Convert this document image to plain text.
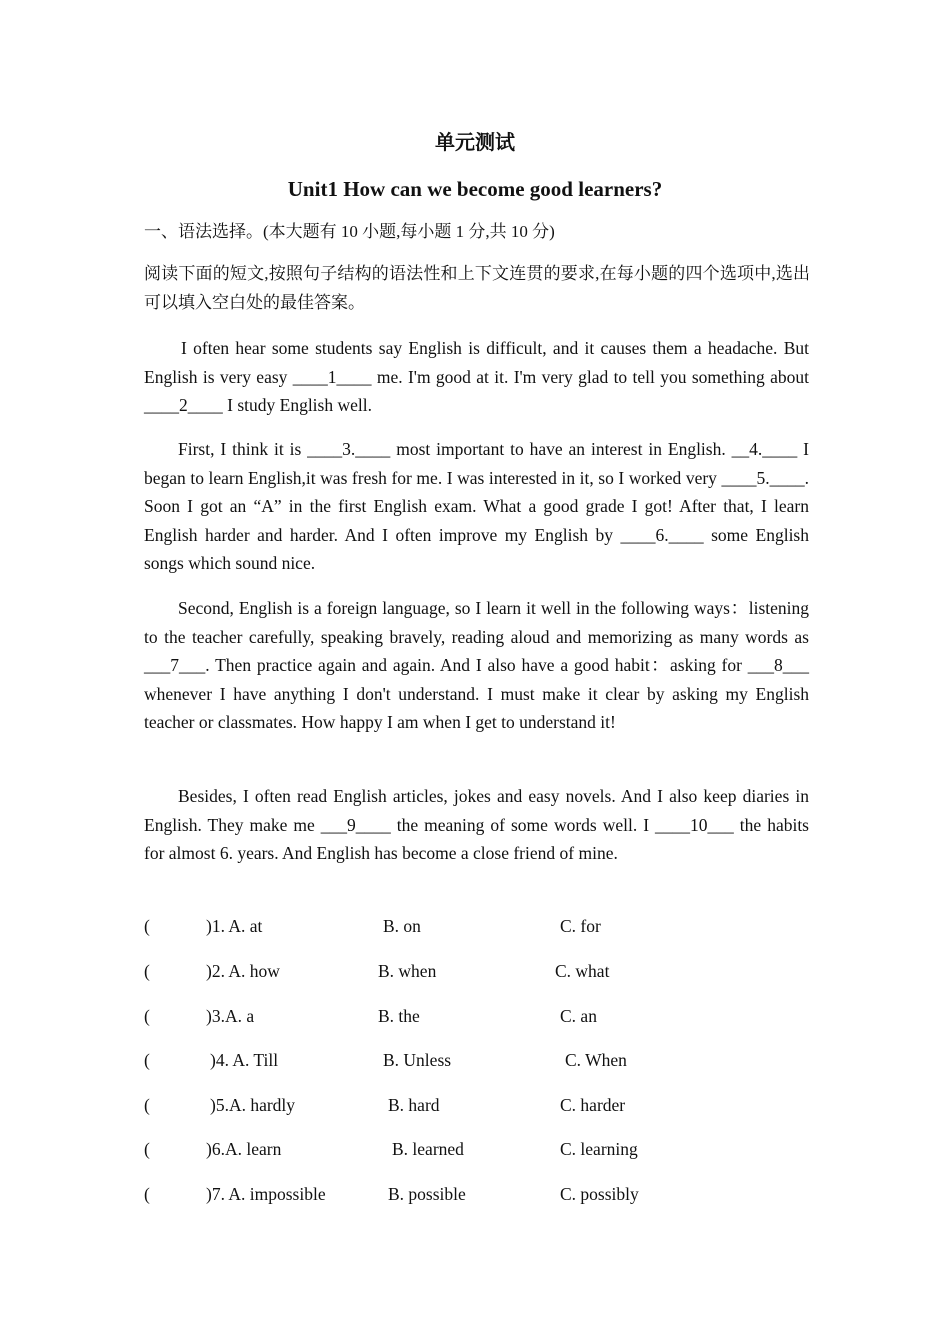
单元测试
Unit1 How can we become good learners?
一、语法选择。(本大题有 10 小题,每小题 1 分,共 10 分)
阅读下面的短文,按照句子结构的语法性和上下文连贯的要求,在每小题的四个选项中,选出可以填入空白处的最佳答案。

I often hear some students say English is difficult, and it causes them a headache. But English is very easy ____1____ me. I'm good at it. I'm very glad to tell you something about ____2____ I study English well.

First, I think it is ____3.____ most important to have an interest in English. __4.____ I began to learn English,it was fresh for me. I was interested in it, so I worked very ____5.____. Soon I got an “A” in the first English exam. What a good grade I got! After that, I learn English harder and harder. And I often improve my English by ____6.____ some English songs which sound nice.

Second, English is a foreign language, so I learn it well in the following ways：listening to the teacher carefully, speaking bravely, reading aloud and memorizing as many words as ___7___. Then practice again and again. And I also have a good habit：asking for ___8___ whenever I have anything I don't understand. I must make it clear by asking my English teacher or classmates. How happy I am when I get to understand it!

Besides, I often read English articles, jokes and easy novels. And I also keep diaries in English. They make me ___9____ the meaning of some words well. I ____10___ the habits for almost 6. years. And English has become a close friend of mine.

(	)1. A. at	B. on	C. for
(	)2. A. how	B. when	C. what
(	)3.A. a	B. the	C. an
(	)4. A. Till	B. Unless	C. When
(	)5.A. hardly	B. hard	C. harder
(	)6.A. learn	B. learned	C. learning
(	)7. A. impossible	B. possible	C. possibly
